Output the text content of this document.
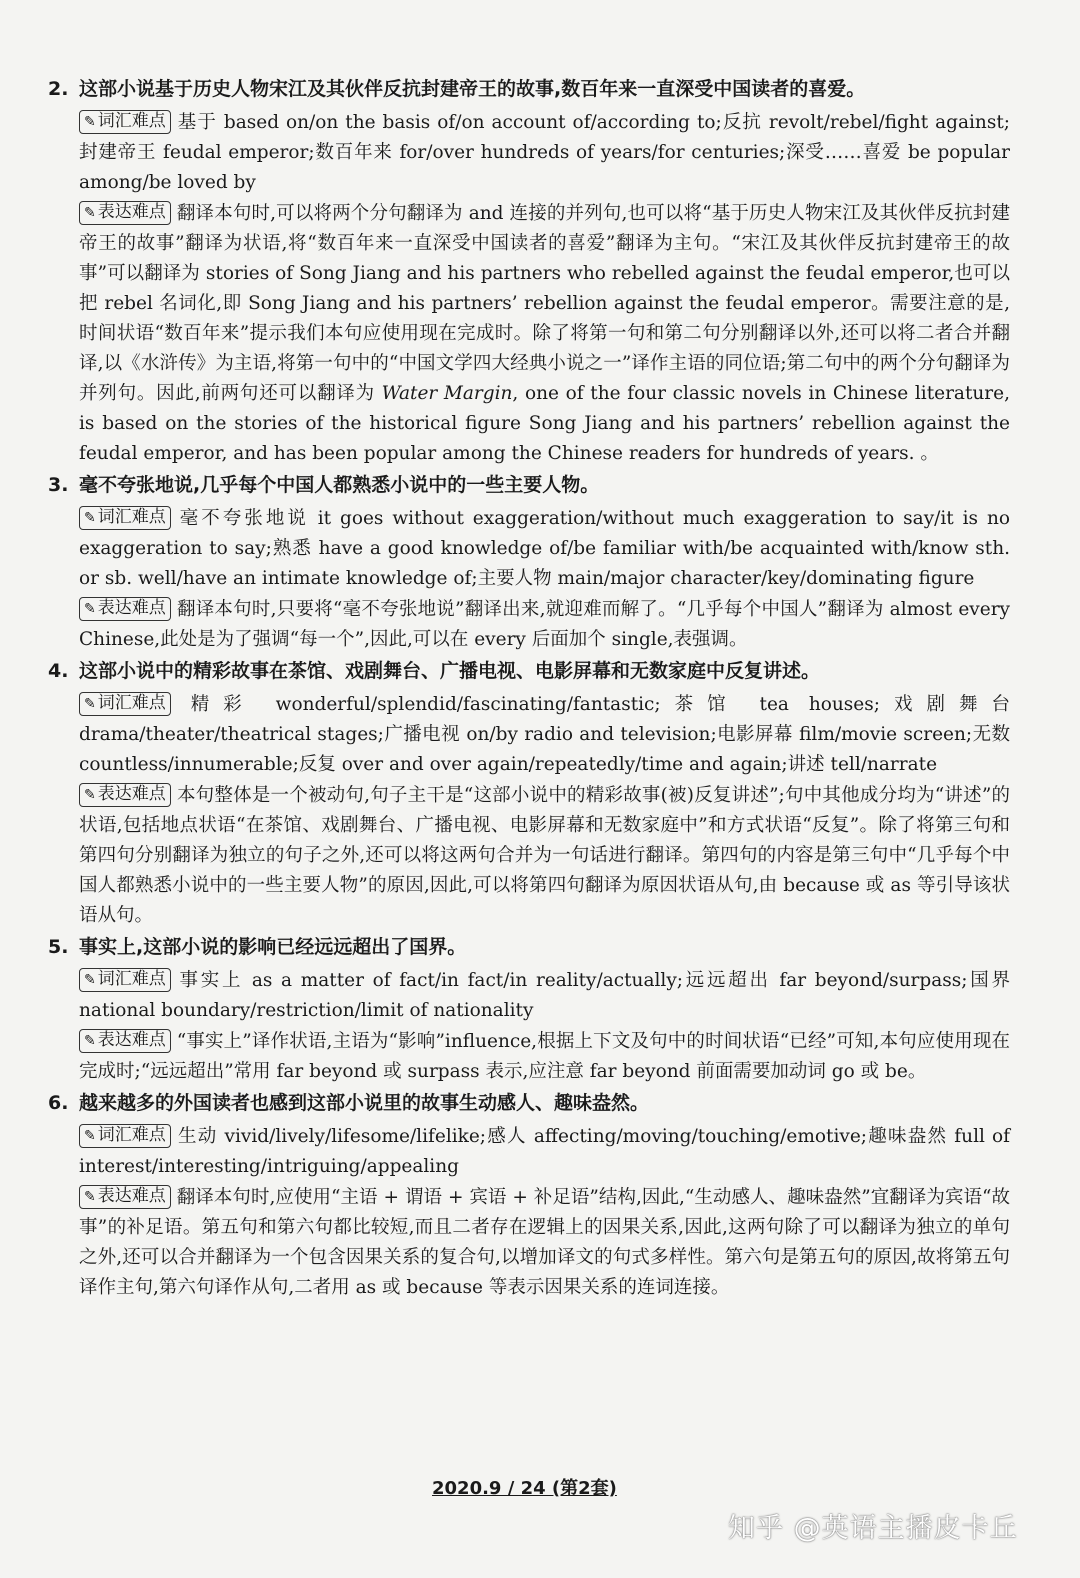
2. 这部小说基于历史人物宋江及其伙伴反抗封建帝王的故事,数百年来一直深受中国读者的喜爱。
✎ 词汇难点 基于 based on/on the basis of/on account of/according to;反抗 revolt/rebel/fight against;封建帝王 feudal emperor;数百年来 for/over hundreds of years/for centuries;深受……喜爱 be popular among/be loved by
✎ 表达难点 翻译本句时,可以将两个分句翻译为 and 连接的并列句,也可以将“基于历史人物宋江及其伙伴反抗封建帝王的故事”翻译为状语,将“数百年来一直深受中国读者的喜爱”翻译为主句。“宋江及其伙伴反抗封建帝王的故事”可以翻译为 stories of Song Jiang and his partners who rebelled against the feudal emperor,也可以把 rebel 名词化,即 Song Jiang and his partners’ rebellion against the feudal emperor。需要注意的是,时间状语“数百年来”提示我们本句应使用现在完成时。除了将第一句和第二句分别翻译以外,还可以将二者合并翻译,以《水浒传》为主语,将第一句中的“中国文学四大经典小说之一”译作主语的同位语;第二句中的两个分句翻译为并列句。因此,前两句还可以翻译为 Water Margin, one of the four classic novels in Chinese literature, is based on the stories of the historical figure Song Jiang and his partners’ rebellion against the feudal emperor, and has been popular among the Chinese readers for hundreds of years. 。
3. 毫不夸张地说,几乎每个中国人都熟悉小说中的一些主要人物。
✎ 词汇难点 毫不夸张地说 it goes without exaggeration/without much exaggeration to say/it is no exaggeration to say;熟悉 have a good knowledge of/be familiar with/be acquainted with/know sth. or sb. well/have an intimate knowledge of;主要人物 main/major character/key/dominating figure
✎ 表达难点 翻译本句时,只要将“毫不夸张地说”翻译出来,就迎难而解了。“几乎每个中国人”翻译为 almost every Chinese,此处是为了强调“每一个”,因此,可以在 every 后面加个 single,表强调。
4. 这部小说中的精彩故事在茶馆、戏剧舞台、广播电视、电影屏幕和无数家庭中反复讲述。
✎ 词汇难点 精彩 wonderful/splendid/fascinating/fantastic;茶馆 tea houses;戏剧舞台 drama/theater/theatrical stages;广播电视 on/by radio and television;电影屏幕 film/movie screen;无数 countless/innumerable;反复 over and over again/repeatedly/time and again;讲述 tell/narrate
✎ 表达难点 本句整体是一个被动句,句子主干是“这部小说中的精彩故事(被)反复讲述”;句中其他成分均为“讲述”的状语,包括地点状语“在茶馆、戏剧舞台、广播电视、电影屏幕和无数家庭中”和方式状语“反复”。除了将第三句和第四句分别翻译为独立的句子之外,还可以将这两句合并为一句话进行翻译。第四句的内容是第三句中“几乎每个中国人都熟悉小说中的一些主要人物”的原因,因此,可以将第四句翻译为原因状语从句,由 because 或 as 等引导该状语从句。
5. 事实上,这部小说的影响已经远远超出了国界。
✎ 词汇难点 事实上 as a matter of fact/in fact/in reality/actually;远远超出 far beyond/surpass;国界 national boundary/restriction/limit of nationality
✎ 表达难点 “事实上”译作状语,主语为“影响”influence,根据上下文及句中的时间状语“已经”可知,本句应使用现在完成时;“远远超出”常用 far beyond 或 surpass 表示,应注意 far beyond 前面需要加动词 go 或 be。
6. 越来越多的外国读者也感到这部小说里的故事生动感人、趣味盎然。
✎ 词汇难点 生动 vivid/lively/lifesome/lifelike;感人 affecting/moving/touching/emotive;趣味盎然 full of interest/interesting/intriguing/appealing
✎ 表达难点 翻译本句时,应使用“主语 + 谓语 + 宾语 + 补足语”结构,因此,“生动感人、趣味盎然”宜翻译为宾语“故事”的补足语。第五句和第六句都比较短,而且二者存在逻辑上的因果关系,因此,这两句除了可以翻译为独立的单句之外,还可以合并翻译为一个包含因果关系的复合句,以增加译文的句式多样性。第六句是第五句的原因,故将第五句译作主句,第六句译作从句,二者用 as 或 because 等表示因果关系的连词连接。
2020.9 / 24 (第2套)
知乎 @英语主播皮卡丘
